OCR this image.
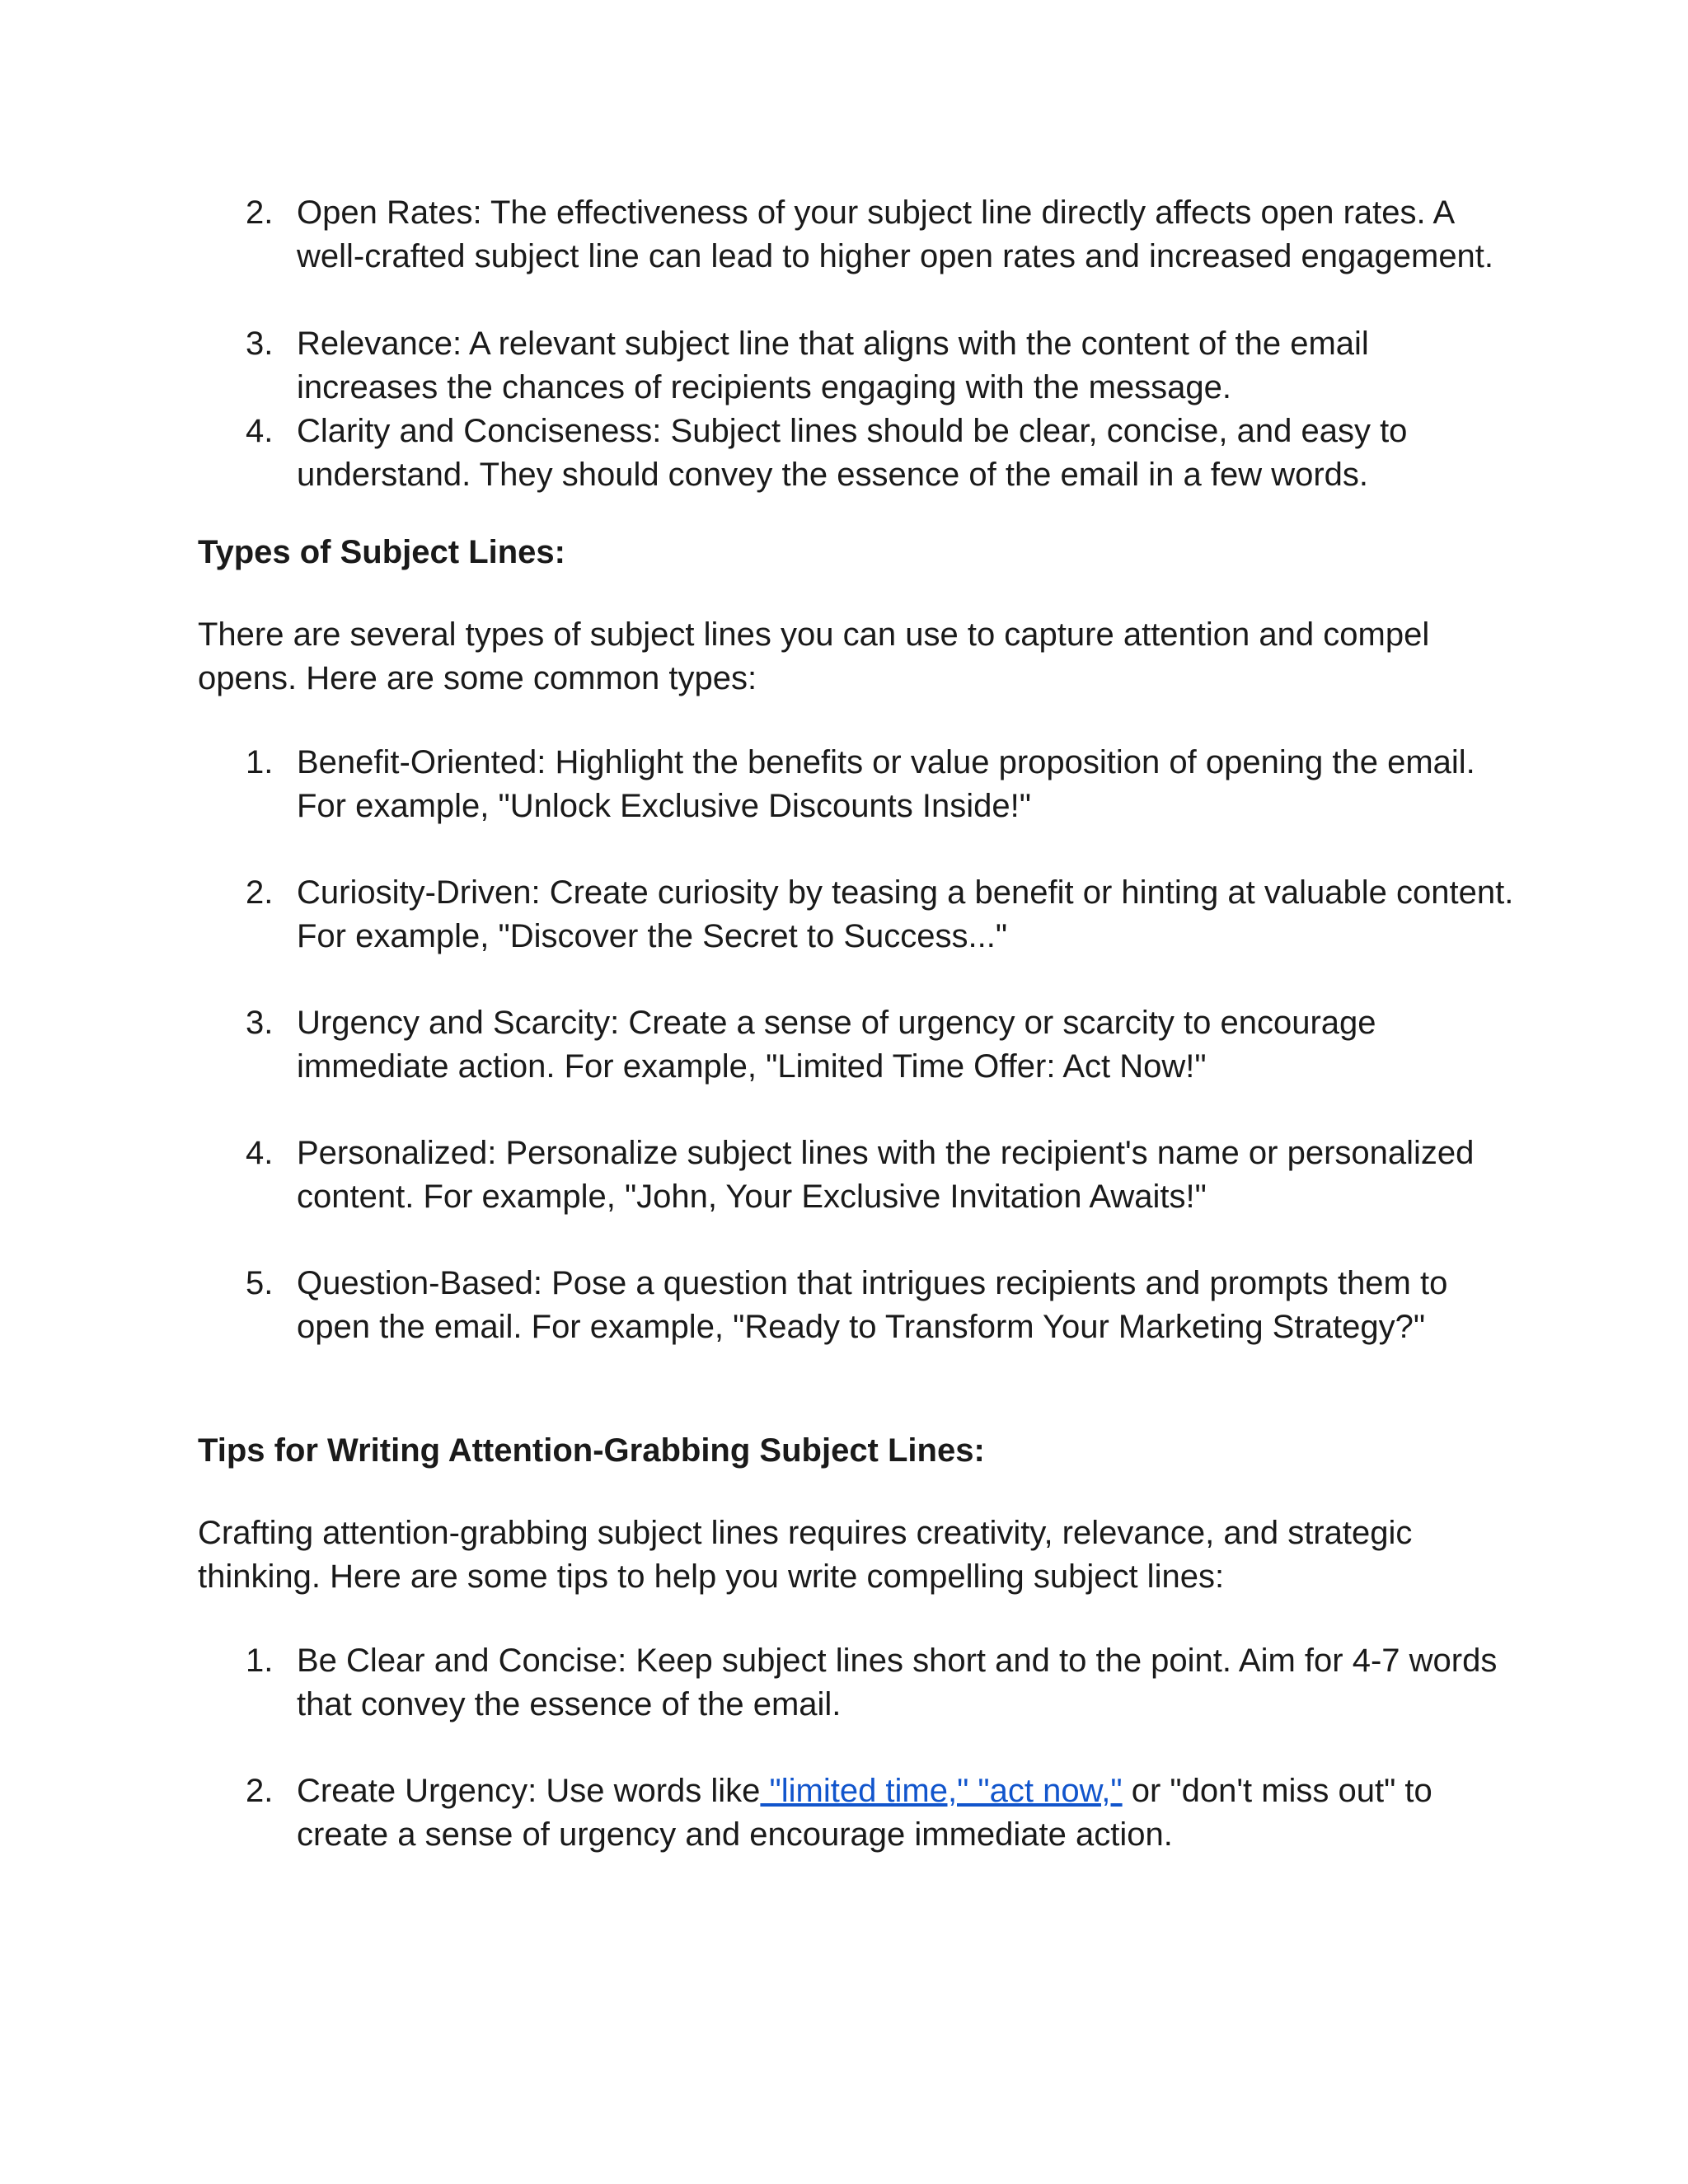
2. Open Rates: The effectiveness of your subject line directly affects open rates. A well-crafted subject line can lead to higher open rates and increased engagement.
3. Relevance: A relevant subject line that aligns with the content of the email increases the chances of recipients engaging with the message.
4. Clarity and Conciseness: Subject lines should be clear, concise, and easy to understand. They should convey the essence of the email in a few words.

Types of Subject Lines:

There are several types of subject lines you can use to capture attention and compel opens. Here are some common types:

1. Benefit-Oriented: Highlight the benefits or value proposition of opening the email. For example, "Unlock Exclusive Discounts Inside!"
2. Curiosity-Driven: Create curiosity by teasing a benefit or hinting at valuable content. For example, "Discover the Secret to Success..."
3. Urgency and Scarcity: Create a sense of urgency or scarcity to encourage immediate action. For example, "Limited Time Offer: Act Now!"
4. Personalized: Personalize subject lines with the recipient's name or personalized content. For example, "John, Your Exclusive Invitation Awaits!"
5. Question-Based: Pose a question that intrigues recipients and prompts them to open the email. For example, "Ready to Transform Your Marketing Strategy?"

Tips for Writing Attention-Grabbing Subject Lines:

Crafting attention-grabbing subject lines requires creativity, relevance, and strategic thinking. Here are some tips to help you write compelling subject lines:

1. Be Clear and Concise: Keep subject lines short and to the point. Aim for 4-7 words that convey the essence of the email.
2. Create Urgency: Use words like "limited time," "act now," or "don't miss out" to create a sense of urgency and encourage immediate action.
